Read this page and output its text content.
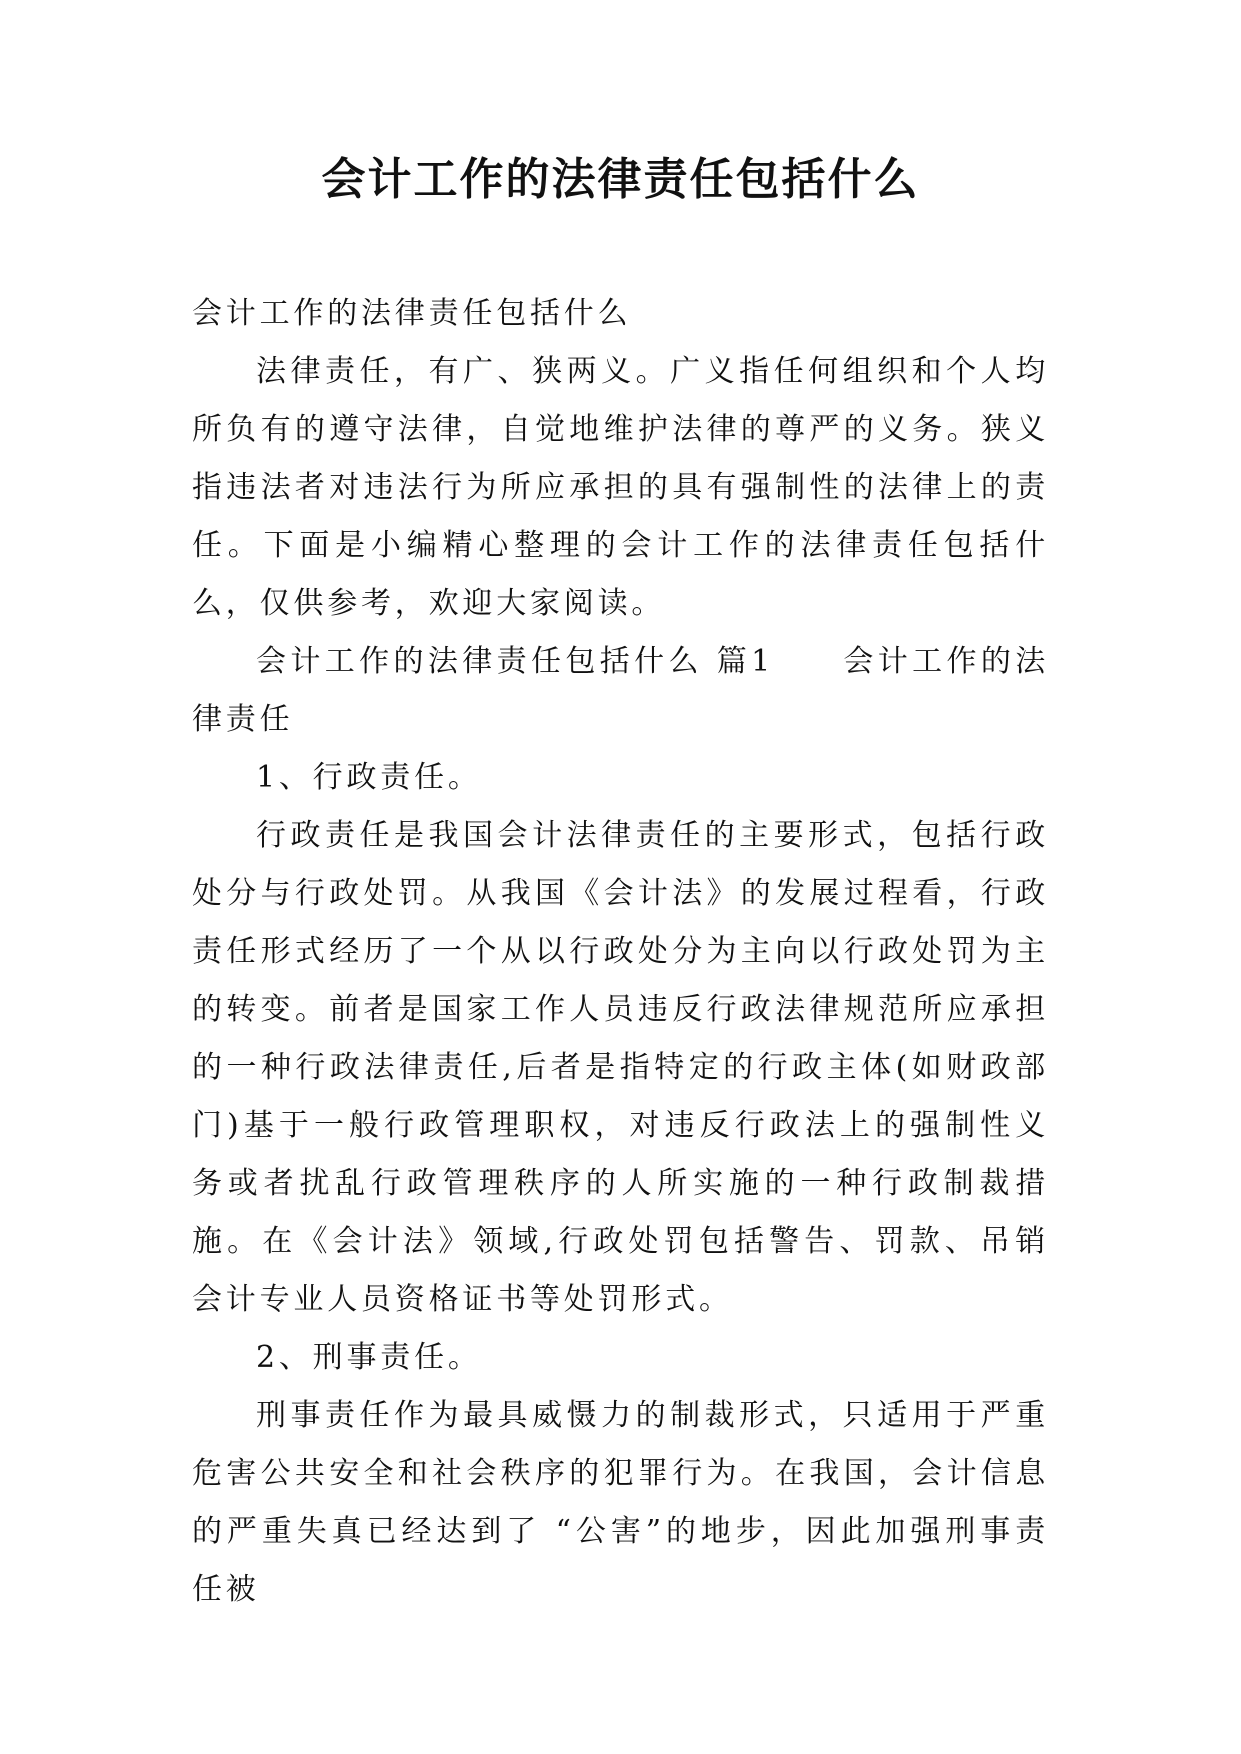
会计工作的法律责任包括什么

会计工作的法律责任包括什么

法律责任，有广、狭两义。广义指任何组织和个人均所负有的遵守法律，自觉地维护法律的尊严的义务。狭义指违法者对违法行为所应承担的具有强制性的法律上的责任。下面是小编精心整理的会计工作的法律责任包括什么，仅供参考，欢迎大家阅读。

会计工作的法律责任包括什么 篇1　　会计工作的法律责任

1、行政责任。

行政责任是我国会计法律责任的主要形式，包括行政处分与行政处罚。从我国《会计法》的发展过程看，行政责任形式经历了一个从以行政处分为主向以行政处罚为主的转变。前者是国家工作人员违反行政法律规范所应承担的一种行政法律责任,后者是指特定的行政主体(如财政部门)基于一般行政管理职权，对违反行政法上的强制性义务或者扰乱行政管理秩序的人所实施的一种行政制裁措施。在《会计法》领域,行政处罚包括警告、罚款、吊销会计专业人员资格证书等处罚形式。

2、刑事责任。

刑事责任作为最具威慑力的制裁形式，只适用于严重危害公共安全和社会秩序的犯罪行为。在我国，会计信息的严重失真已经达到了 “公害”的地步，因此加强刑事责任被
